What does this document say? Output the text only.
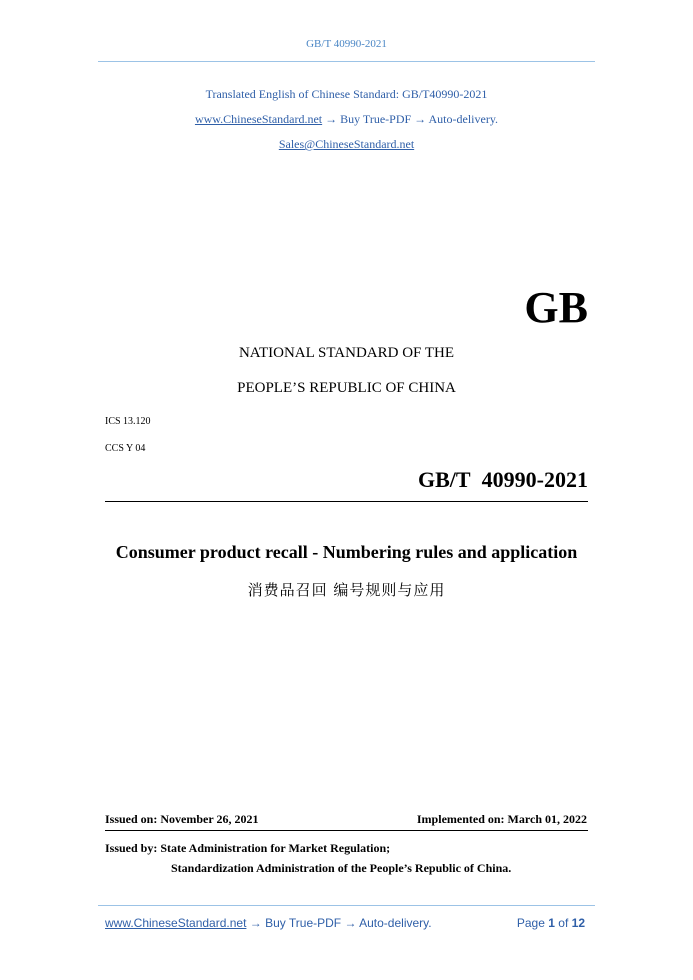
GB/T 40990-2021
Translated English of Chinese Standard: GB/T40990-2021
www.ChineseStandard.net → Buy True-PDF → Auto-delivery.
Sales@ChineseStandard.net
GB
NATIONAL STANDARD OF THE
PEOPLE’S REPUBLIC OF CHINA
ICS 13.120
CCS Y 04
GB/T 40990-2021
Consumer product recall - Numbering rules and application
消费品召回 编号规则与应用
Issued on: November 26, 2021	Implemented on: March 01, 2022
Issued by: State Administration for Market Regulation;
Standardization Administration of the People’s Republic of China.
www.ChineseStandard.net → Buy True-PDF → Auto-delivery.	Page 1 of 12
